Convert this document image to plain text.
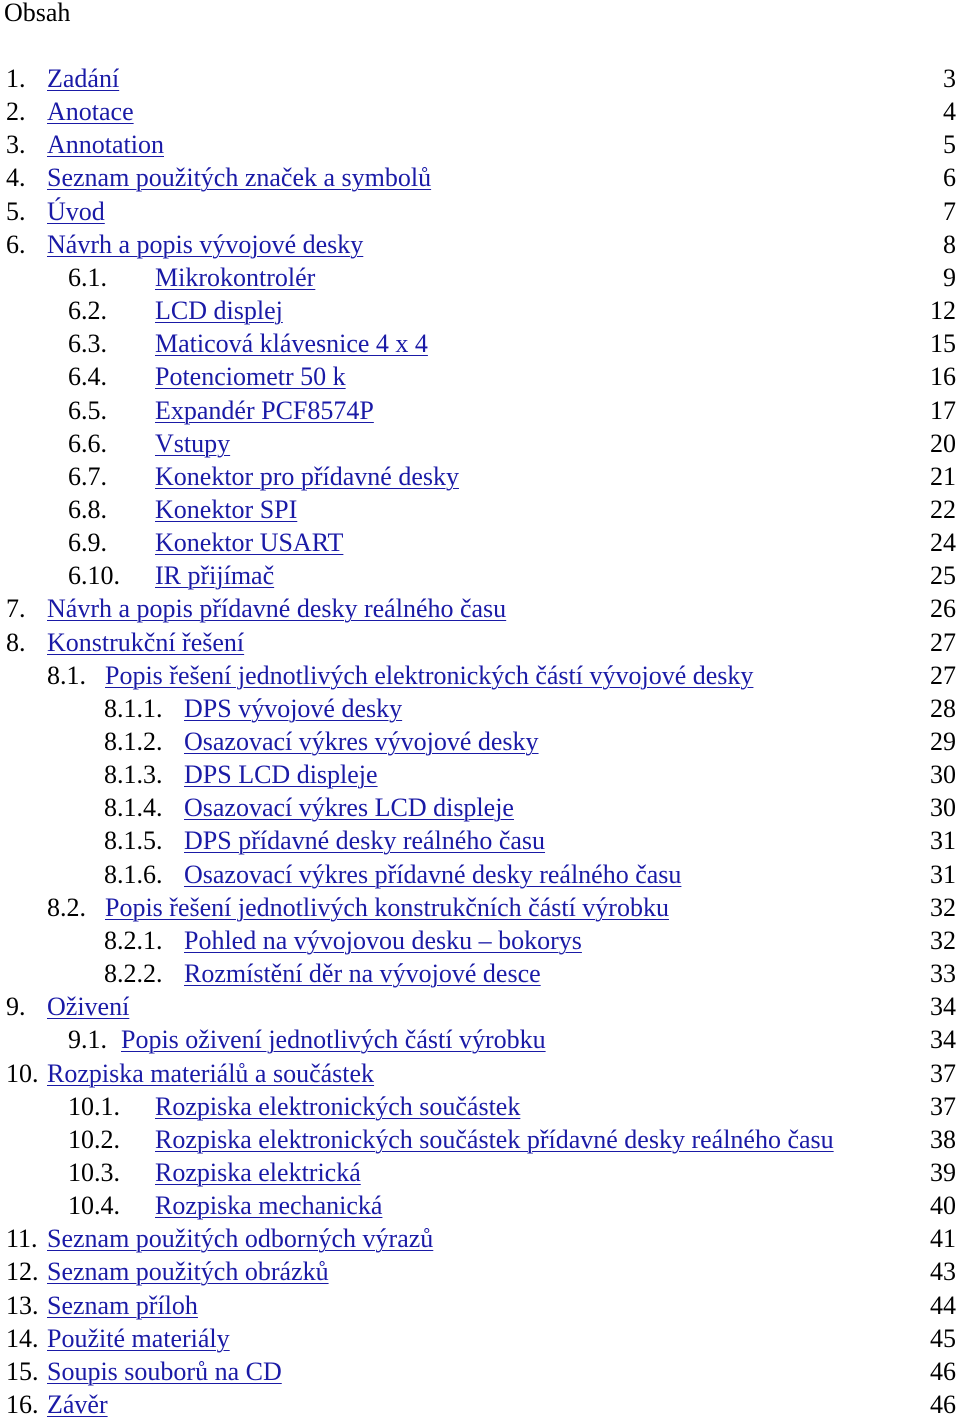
Obsah
1. Zadání	3
2. Anotace	4
3. Annotation	5
4. Seznam použitých značek a symbolů	6
5. Úvod	7
6. Návrh a popis vývojové desky	8
6.1. Mikrokontrolér	9
6.2. LCD displej	12
6.3. Maticová klávesnice 4 x 4	15
6.4. Potenciometr 50 k	16
6.5. Expandér PCF8574P	17
6.6. Vstupy	20
6.7. Konektor pro přídavné desky	21
6.8. Konektor SPI	22
6.9. Konektor USART	24
6.10. IR přijímač	25
7. Návrh a popis přídavné desky reálného času	26
8. Konstrukční řešení	27
8.1. Popis řešení jednotlivých elektronických částí vývojové desky	27
8.1.1. DPS vývojové desky	28
8.1.2. Osazovací výkres vývojové desky	29
8.1.3. DPS LCD displeje	30
8.1.4. Osazovací výkres LCD displeje	30
8.1.5. DPS přídavné desky reálného času	31
8.1.6. Osazovací výkres přídavné desky reálného času	31
8.2. Popis řešení jednotlivých konstrukčních částí výrobku	32
8.2.1. Pohled na vývojovou desku – bokorys	32
8.2.2. Rozmístění děr na vývojové desce	33
9. Oživení	34
9.1. Popis oživení jednotlivých částí výrobku	34
10. Rozpiska materiálů a součástek	37
10.1. Rozpiska elektronických součástek	37
10.2. Rozpiska elektronických součástek přídavné desky reálného času	38
10.3. Rozpiska elektrická	39
10.4. Rozpiska mechanická	40
11. Seznam použitých odborných výrazů	41
12. Seznam použitých obrázků	43
13. Seznam příloh	44
14. Použité materiály	45
15. Soupis souborů na CD	46
16. Závěr	46
